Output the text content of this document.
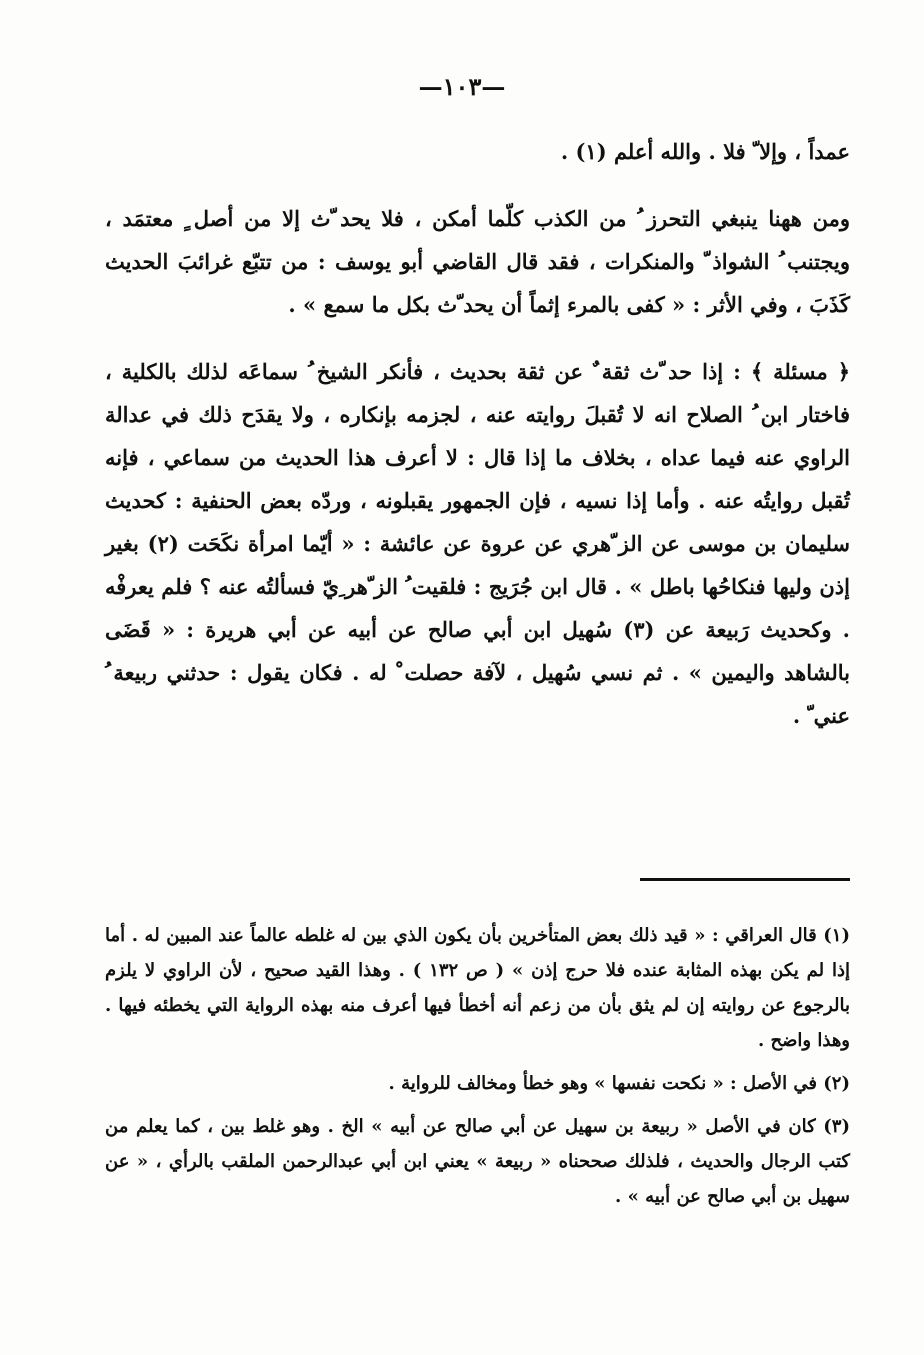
—١٠٣—

عمداً ، وإلا ّ فلا . والله أعلم (١) .

ومن ههنا ينبغي التحرز ُ من الكذب كلّما أمكن ، فلا يحد ّث إلا من أصل ٍ معتمَد ، ويجتنب ُ الشواذ ّ والمنكرات ، فقد قال القاضي أبو يوسف : من تتبّع غرائبَ الحديث كَذَبَ ، وفي الأثر : « كفى بالمرء إثماً أن يحد ّث بكل ما سمع » .

﴿ مسئلة ﴾ : إذا حد ّث ثقة ٌ عن ثقة بحديث ، فأنكر الشيخ ُ سماعَه لذلك بالكلية ، فاختار ابن ُ الصلاح انه لا تُقبلَ روايته عنه ، لجزمه بإنكاره ، ولا يقدَح ذلك في عدالة الراوي عنه فيما عداه ، بخلاف ما إذا قال : لا أعرف هذا الحديث من سماعي ، فإنه تُقبل روايتُه عنه . وأما إذا نسيه ، فإن الجمهور يقبلونه ، وردّه بعض الحنفية : كحديث سليمان بن موسى عن الز ّهري عن عروة عن عائشة : « أيّما امرأة نكَحَت (٢) بغير إذن وليها فنكاحُها باطل » . قال ابن جُرَيج : فلقيت ُ الز ّهر ِيّ فسألتُه عنه ؟ فلم يعرفْه . وكحديث رَبيعة عن (٣) سُهيل ابن أبي صالح عن أبيه عن أبي هريرة : « قَضَى بالشاهد واليمين » . ثم نسي سُهيل ، لآفة حصلت ْ له . فكان يقول : حدثني ربيعة ُ عني ّ .

(١) قال العراقي : « قيد ذلك بعض المتأخرين بأن يكون الذي بين له غلطه عالماً عند المبين له . أما إذا لم يكن بهذه المثابة عنده فلا حرج إذن » ( ص ١٣٢ ) . وهذا القيد صحيح ، لأن الراوي لا يلزم بالرجوع عن روايته إن لم يثق بأن من زعم أنه أخطأ فيها أعرف منه بهذه الرواية التي يخطئه فيها . وهذا واضح .

(٢) في الأصل : « نكحت نفسها » وهو خطأ ومخالف للرواية .

(٣) كان في الأصل « ربيعة بن سهيل عن أبي صالح عن أبيه » الخ . وهو غلط بين ، كما يعلم من كتب الرجال والحديث ، فلذلك صححناه « ربيعة » يعني ابن أبي عبدالرحمن الملقب بالرأي ، « عن سهيل بن أبي صالح عن أبيه » .
